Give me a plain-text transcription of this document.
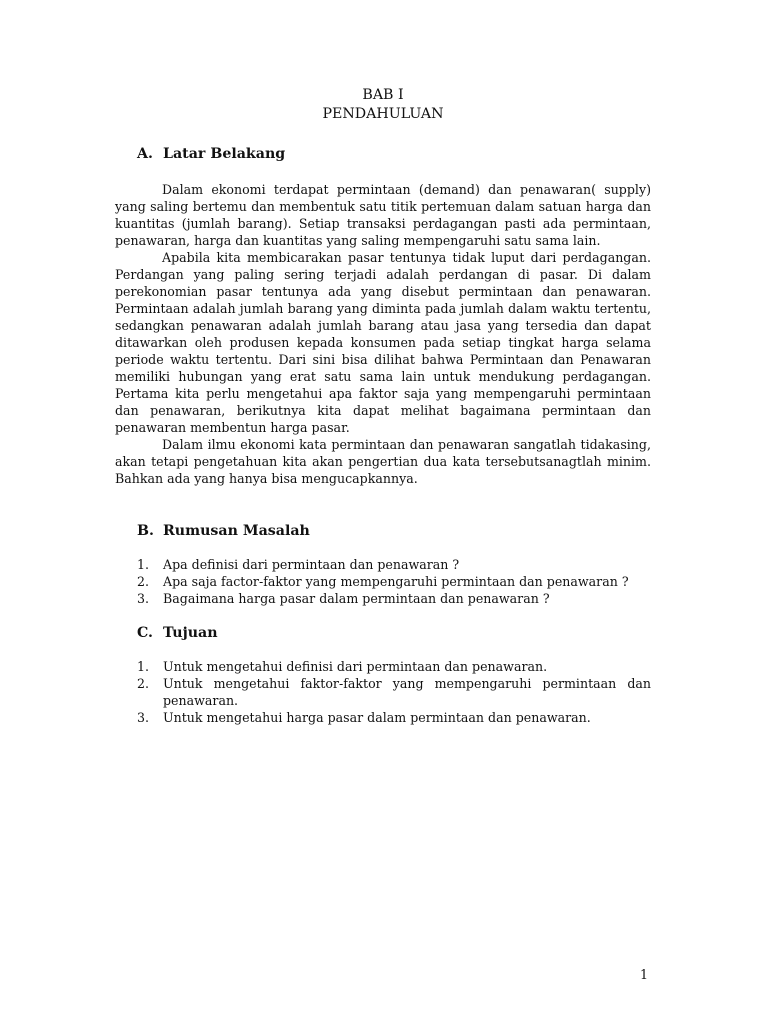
BAB I

PENDAHULUAN

A. Latar Belakang

Dalam ekonomi terdapat permintaan (demand) dan penawaran( supply) yang saling bertemu dan membentuk satu titik pertemuan dalam satuan harga dan kuantitas (jumlah barang). Setiap transaksi perdagangan pasti ada permintaan, penawaran, harga dan kuantitas yang saling mempengaruhi satu sama lain.

Apabila kita membicarakan pasar tentunya tidak luput dari perdagangan. Perdangan yang paling sering terjadi adalah perdangan di pasar. Di dalam perekonomian pasar tentunya ada yang disebut permintaan dan penawaran. Permintaan adalah jumlah barang yang diminta pada jumlah dalam waktu tertentu, sedangkan penawaran adalah jumlah barang atau jasa yang tersedia dan dapat ditawarkan oleh produsen kepada konsumen pada setiap tingkat harga selama periode waktu tertentu. Dari sini bisa dilihat bahwa Permintaan dan Penawaran memiliki hubungan yang erat satu sama lain untuk mendukung perdagangan. Pertama kita perlu mengetahui apa faktor saja yang mempengaruhi permintaan dan penawaran, berikutnya kita dapat melihat bagaimana permintaan dan penawaran membentun harga pasar.

Dalam ilmu ekonomi kata permintaan dan penawaran sangatlah tidakasing, akan tetapi pengetahuan kita akan pengertian dua kata tersebutsanagtlah minim. Bahkan ada yang hanya bisa mengucapkannya.

B. Rumusan Masalah
1.	Apa definisi dari permintaan dan penawaran ?
2.	Apa saja factor-faktor yang mempengaruhi permintaan dan penawaran ?
3.	Bagaimana harga pasar dalam permintaan dan penawaran ?
C. Tujuan
1.	Untuk mengetahui definisi dari permintaan dan penawaran.
2.	Untuk mengetahui faktor-faktor yang mempengaruhi permintaan dan penawaran.
3.	Untuk mengetahui harga pasar dalam permintaan dan penawaran.
1
